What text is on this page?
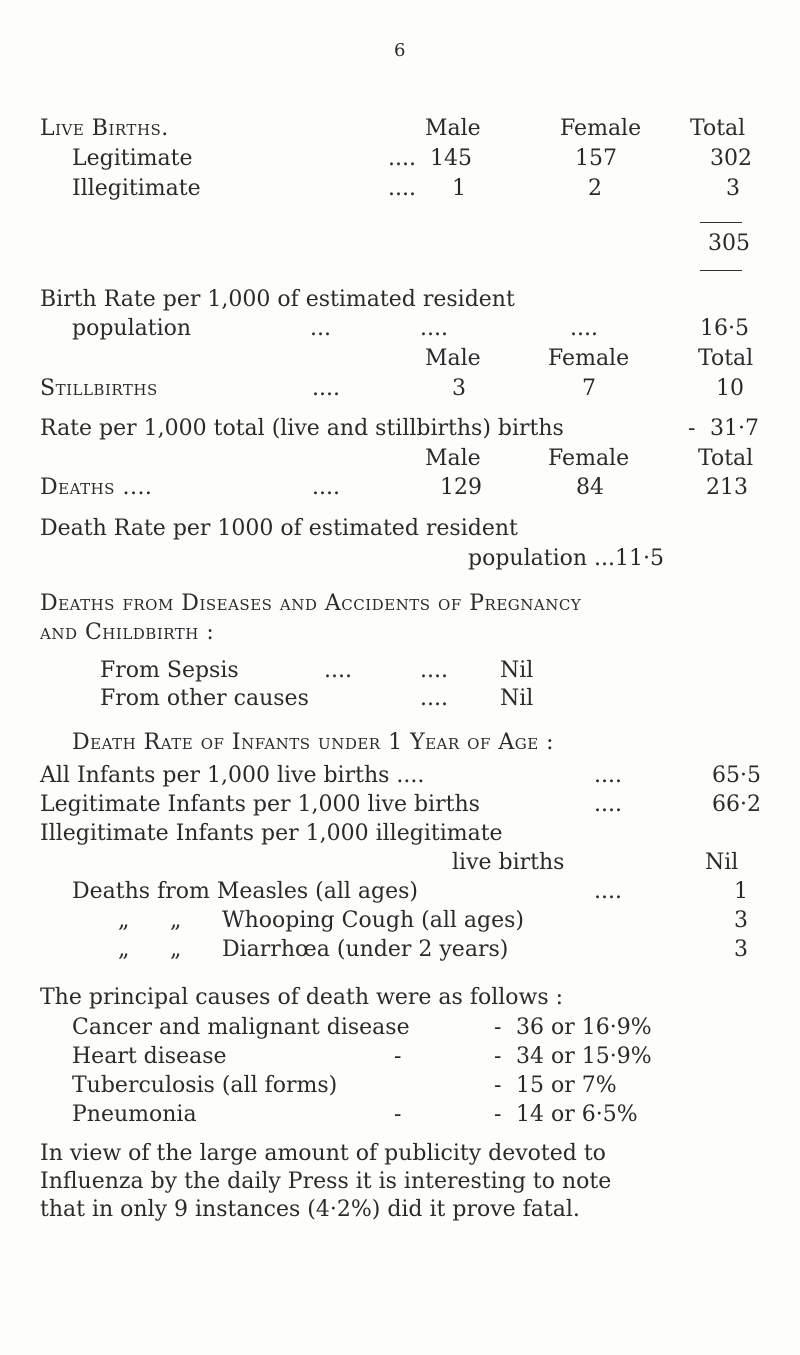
6
Live Births.	Male	Female Total
Legitimate	.... 145	157	302
Illegitimate	.... 1	2	3
305
Birth Rate per 1,000 of estimated resident
population	...	....	....	16·5
Male	Female	Total
Stillbirths	....	3	7	10
Rate per 1,000 total (live and stillbirths) births	- 31·7
Male	Female	Total
Deaths ....	....	129	84	213
Death Rate per 1000 of estimated resident
population ...11·5
Deaths from Diseases and Accidents of Pregnancy
and Childbirth :
From Sepsis	....	.... Nil
From other causes	.... Nil
Death Rate of Infants under 1 Year of Age :
All Infants per 1,000 live births ....	....	65·5
Legitimate Infants per 1,000 live births	....	66·2
Illegitimate Infants per 1,000 illegitimate
live births	Nil
Deaths from Measles (all ages)	....	1
„ „ Whooping Cough (all ages)	3
„ „ Diarrhœa (under 2 years)	3
The principal causes of death were as follows :
Cancer and malignant disease	- 36 or 16·9%
Heart disease	-	- 34 or 15·9%
Tuberculosis (all forms)	- 15 or 7%
Pneumonia	-	- 14 or 6·5%
In view of the large amount of publicity devoted to
Influenza by the daily Press it is interesting to note
that in only 9 instances (4·2%) did it prove fatal.
